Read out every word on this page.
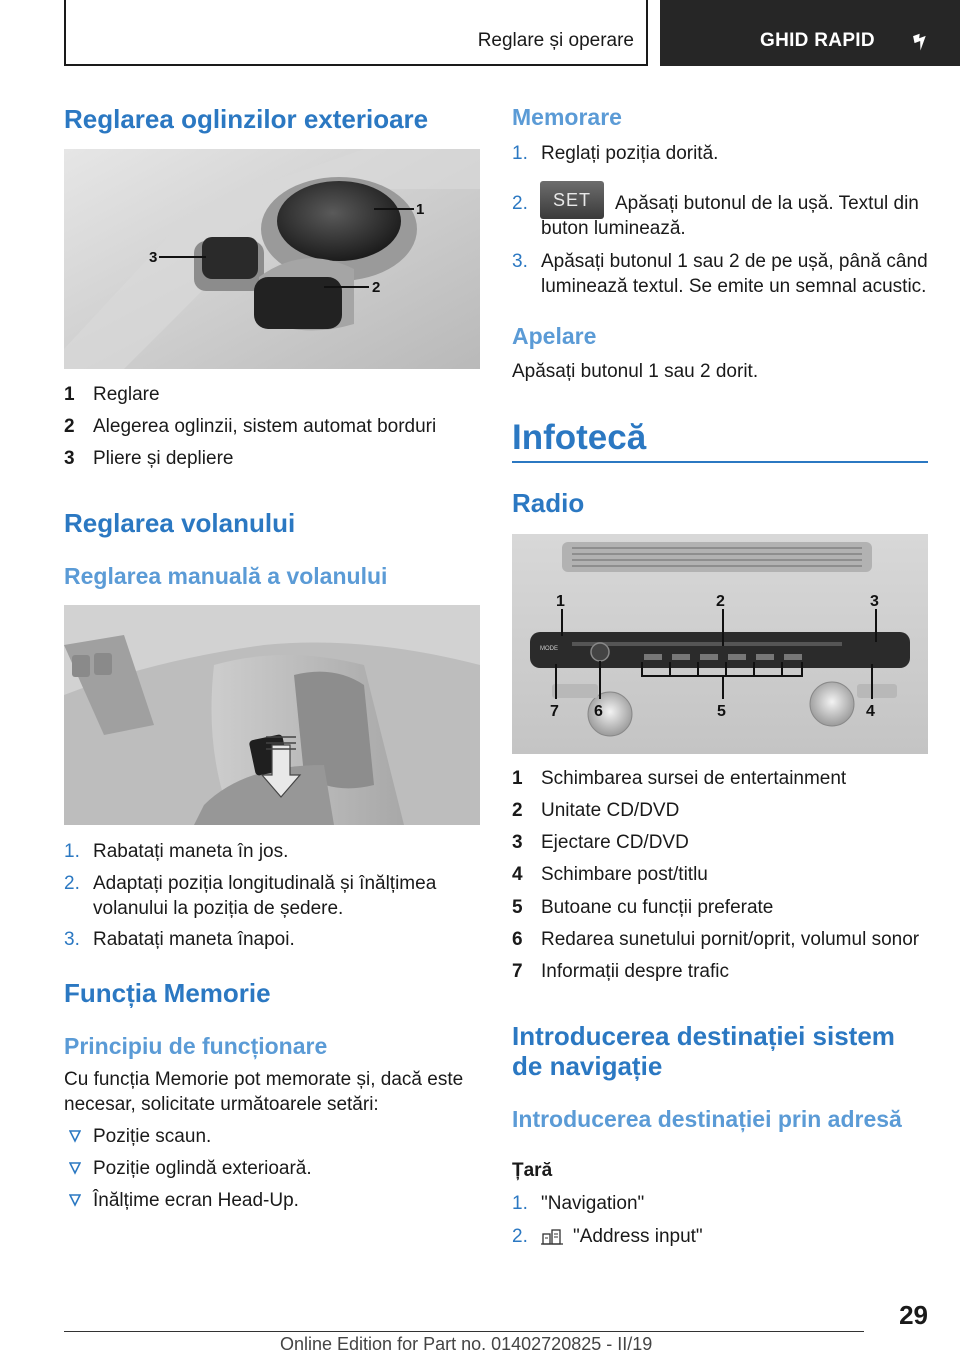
Reglare și operare	GHID RAPID
Reglarea oglinzilor exterioare
1
2
3
1 Reglare
2 Alegerea oglinzii, sistem automat borduri
3 Pliere și depliere
Reglarea volanului
Reglarea manuală a volanului
1. Rabatați maneta în jos.
2. Adaptați poziția longitudinală și înălțimea volanului la poziția de ședere.
3. Rabatați maneta înapoi.
Funcția Memorie
Principiu de funcționare
Cu funcția Memorie pot memorate și, dacă este necesar, solicitate următoarele setări:
Poziție scaun.
Poziție oglindă exterioară.
Înălțime ecran Head-Up.
Memorare
1. Reglați poziția dorită.
2.	SET	Apăsați butonul de la ușă. Textul din buton luminează.
3. Apăsați butonul 1 sau 2 de pe ușă, până când luminează textul. Se emite un semnal acustic.
Apelare
Apăsați butonul 1 sau 2 dorit.
Infotecă
Radio
MODE
1	2	3
4
5
6
7
1 Schimbarea sursei de entertainment
2 Unitate CD/DVD
3 Ejectare CD/DVD
4 Schimbare post/titlu
5 Butoane cu funcții preferate
6 Redarea sunetului pornit/oprit, volumul sonor
7 Informații despre trafic
Introducerea destinației sistem
de navigație
Introducerea destinației prin adresă
Țară
1. "Navigation"
2. "Address input"
29
Online Edition for Part no. 01402720825 - II/19
